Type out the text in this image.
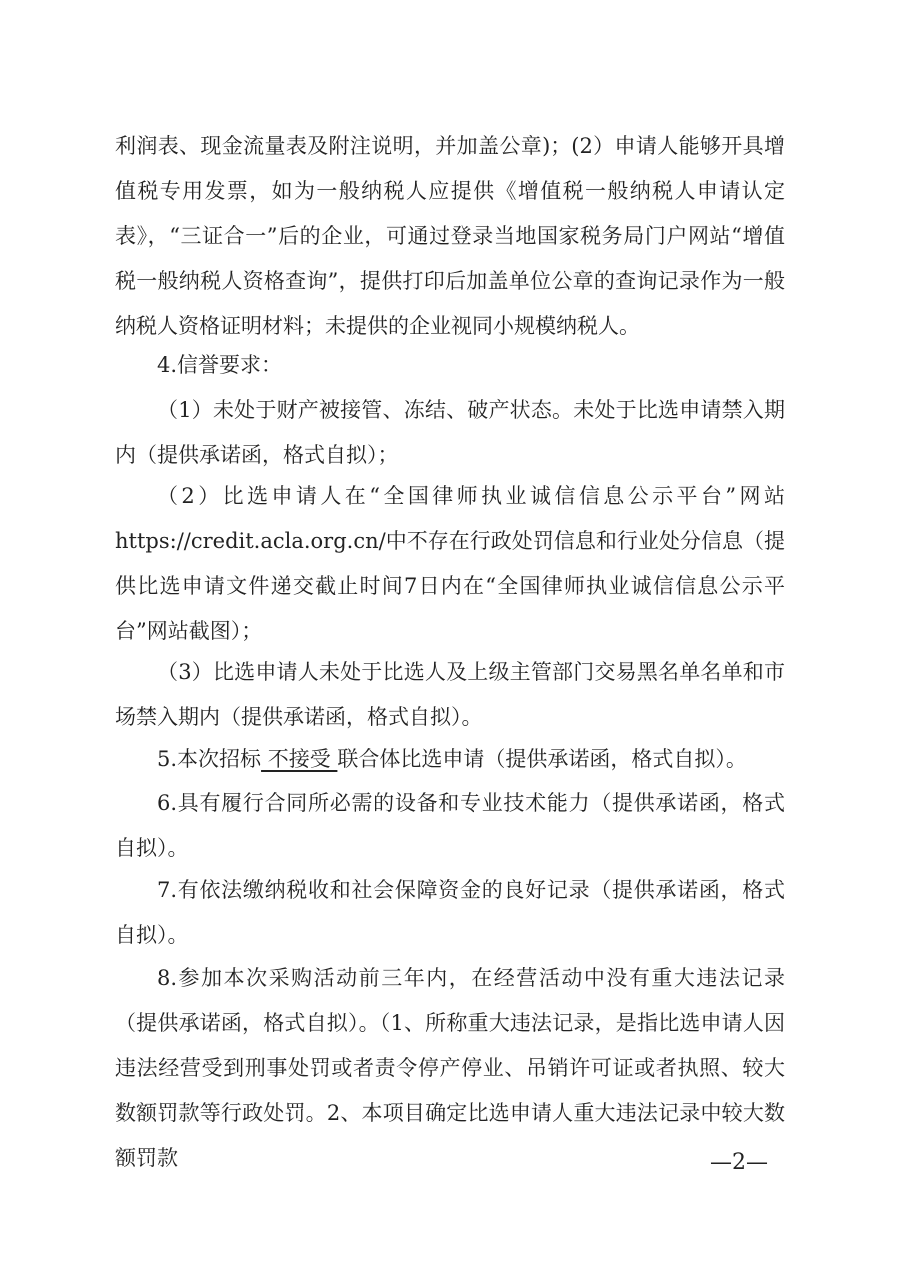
利润表、现金流量表及附注说明，并加盖公章)；(2）申请人能够开具增值税专用发票，如为一般纳税人应提供《增值税一般纳税人申请认定表》，“三证合一”后的企业，可通过登录当地国家税务局门户网站“增值税一般纳税人资格查询”，提供打印后加盖单位公章的查询记录作为一般纳税人资格证明材料；未提供的企业视同小规模纳税人。

4.信誉要求：

（1）未处于财产被接管、冻结、破产状态。未处于比选申请禁入期内（提供承诺函，格式自拟）；

（2）比选申请人在“全国律师执业诚信信息公示平台”网站https://credit.acla.org.cn/中不存在行政处罚信息和行业处分信息（提供比选申请文件递交截止时间7日内在“全国律师执业诚信信息公示平台”网站截图）；

（3）比选申请人未处于比选人及上级主管部门交易黑名单名单和市场禁入期内（提供承诺函，格式自拟）。

5.本次招标 不接受 联合体比选申请（提供承诺函，格式自拟）。

6.具有履行合同所必需的设备和专业技术能力（提供承诺函，格式自拟）。

7.有依法缴纳税收和社会保障资金的良好记录（提供承诺函，格式自拟）。

8.参加本次采购活动前三年内，在经营活动中没有重大违法记录（提供承诺函，格式自拟）。（1、所称重大违法记录，是指比选申请人因违法经营受到刑事处罚或者责令停产停业、吊销许可证或者执照、较大数额罚款等行政处罚。2、本项目确定比选申请人重大违法记录中较大数额罚款	—2—
